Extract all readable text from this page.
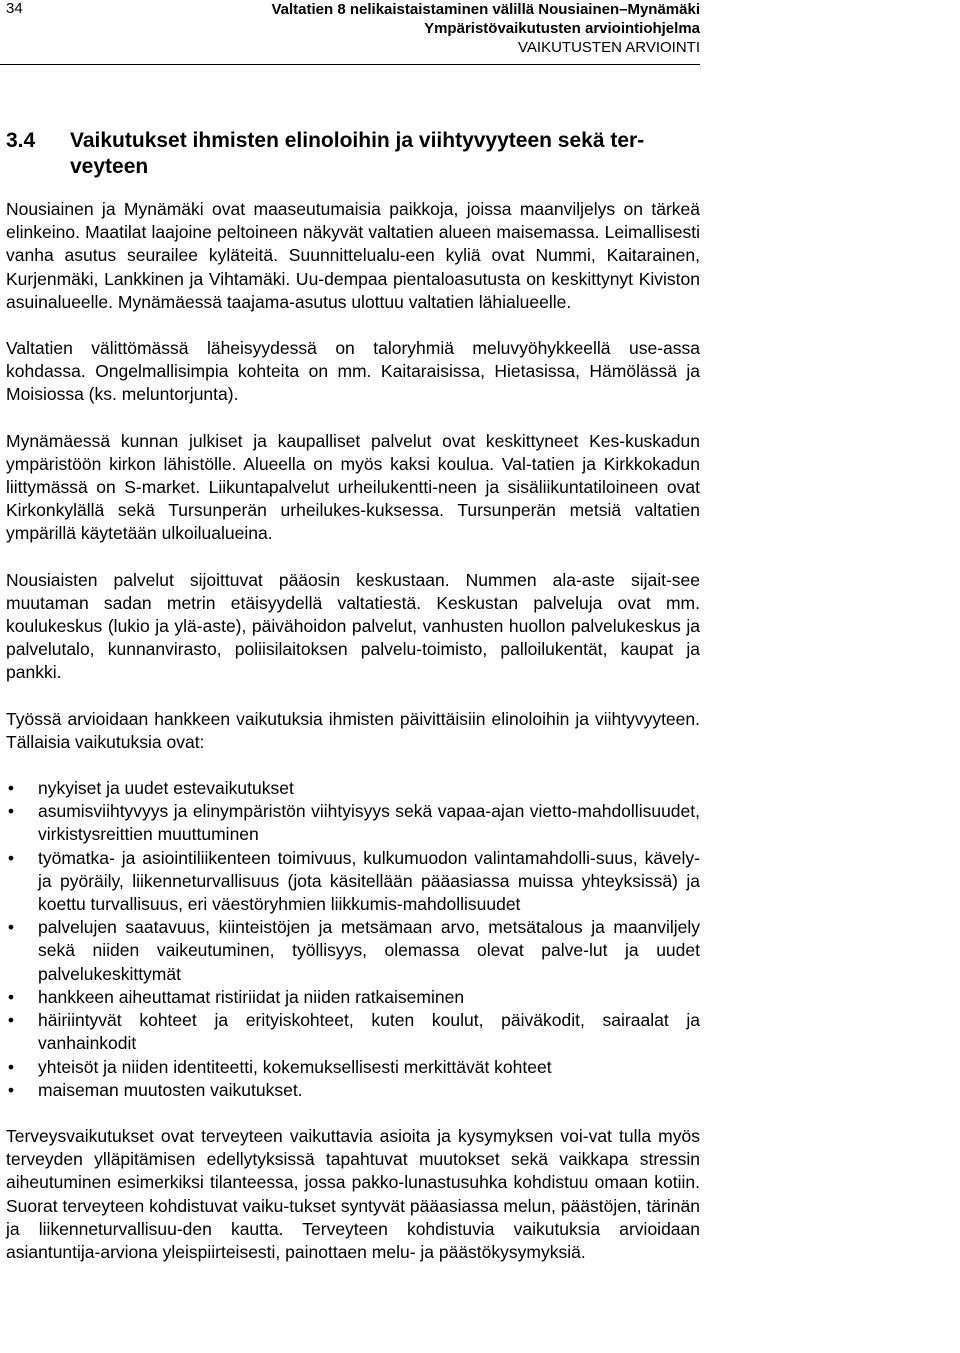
34	Valtatien 8 nelikaistaistaminen välillä Nousiainen–Mynämäki
Ympäristövaikutusten arviointiohjelma
VAIKUTUSTEN ARVIOINTI
3.4	Vaikutukset ihmisten elinoloihin ja viihtyvyyteen sekä ter-veyteen

Nousiainen ja Mynämäki ovat maaseutumaisia paikkoja, joissa maanviljelys on tärkeä elinkeino. Maatilat laajoine peltoineen näkyvät valtatien alueen maisemassa. Leimallisesti vanha asutus seurailee kyläteitä. Suunnittelualu-een kyliä ovat Nummi, Kaitarainen, Kurjenmäki, Lankkinen ja Vihtamäki. Uu-dempaa pientaloasutusta on keskittynyt Kiviston asuinalueelle. Mynämäessä taajama-asutus ulottuu valtatien lähialueelle.

Valtatien välittömässä läheisyydessä on taloryhmiä meluvyöhykkeellä use-assa kohdassa. Ongelmallisimpia kohteita on mm. Kaitaraisissa, Hietasissa, Hämölässä ja Moisiossa (ks. meluntorjunta).

Mynämäessä kunnan julkiset ja kaupalliset palvelut ovat keskittyneet Kes-kuskadun ympäristöön kirkon lähistölle. Alueella on myös kaksi koulua. Val-tatien ja Kirkkokadun liittymässä on S-market. Liikuntapalvelut urheilukentti-neen ja sisäliikuntatiloineen ovat Kirkonkylällä sekä Tursunperän urheilukes-kuksessa. Tursunperän metsiä valtatien ympärillä käytetään ulkoilualueina.

Nousiaisten palvelut sijoittuvat pääosin keskustaan. Nummen ala-aste sijait-see muutaman sadan metrin etäisyydellä valtatiestä. Keskustan palveluja ovat mm. koulukeskus (lukio ja ylä-aste), päivähoidon palvelut, vanhusten huollon palvelukeskus ja palvelutalo, kunnanvirasto, poliisilaitoksen palvelu-toimisto, palloilukentät, kaupat ja pankki.

Työssä arvioidaan hankkeen vaikutuksia ihmisten päivittäisiin elinoloihin ja viihtyvyyteen. Tällaisia vaikutuksia ovat:

• nykyiset ja uudet estevaikutukset
• asumisviihtyvyys ja elinympäristön viihtyisyys sekä vapaa-ajan vietto-mahdollisuudet, virkistysreittien muuttuminen
• työmatka- ja asiointiliikenteen toimivuus, kulkumuodon valintamahdolli-suus, kävely- ja pyöräily, liikenneturvallisuus (jota käsitellään pääasiassa muissa yhteyksissä) ja koettu turvallisuus, eri väestöryhmien liikkumis-mahdollisuudet
• palvelujen saatavuus, kiinteistöjen ja metsämaan arvo, metsätalous ja maanviljely sekä niiden vaikeutuminen, työllisyys, olemassa olevat palve-lut ja uudet palvelukeskittymät
• hankkeen aiheuttamat ristiriidat ja niiden ratkaiseminen
• häiriintyvät kohteet ja erityiskohteet, kuten koulut, päiväkodit, sairaalat ja vanhainkodit
• yhteisöt ja niiden identiteetti, kokemuksellisesti merkittävät kohteet
• maiseman muutosten vaikutukset.

Terveysvaikutukset ovat terveyteen vaikuttavia asioita ja kysymyksen voi-vat tulla myös terveyden ylläpitämisen edellytyksissä tapahtuvat muutokset sekä vaikkapa stressin aiheutuminen esimerkiksi tilanteessa, jossa pakko-lunastusuhka kohdistuu omaan kotiin. Suorat terveyteen kohdistuvat vaiku-tukset syntyvät pääasiassa melun, päästöjen, tärinän ja liikenneturvallisuu-den kautta. Terveyteen kohdistuvia vaikutuksia arvioidaan asiantuntija-arviona yleispiirteisesti, painottaen melu- ja päästökysymyksiä.
